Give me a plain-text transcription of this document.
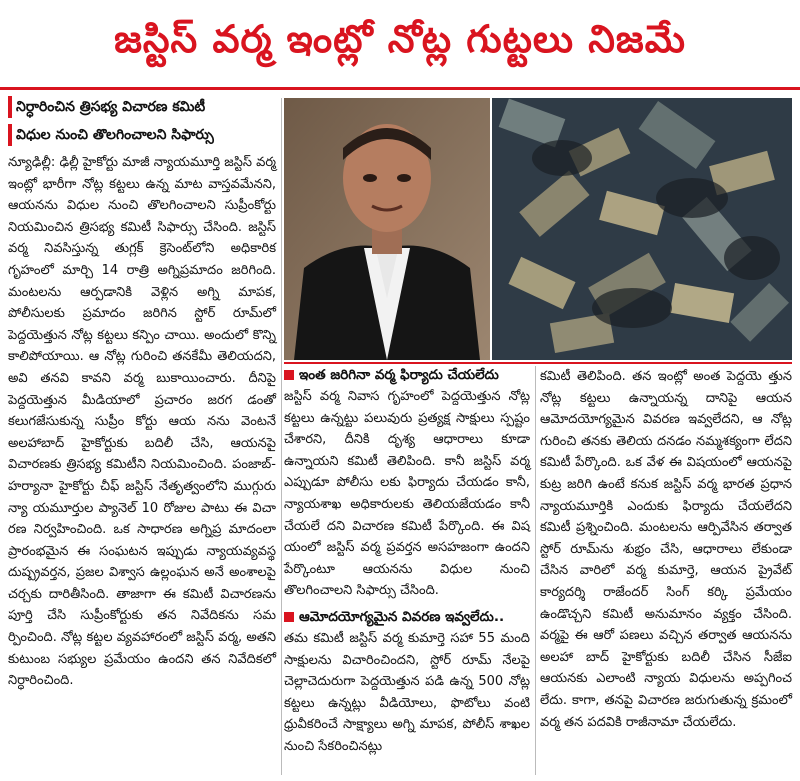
జస్టిస్ వర్మ ఇంట్లో నోట్ల గుట్టలు నిజమే

నిర్ధారించిన త్రిసభ్య విచారణ కమిటీ

విధుల నుంచి తొలగించాలని సిఫార్సు

న్యూఢిల్లీ: ఢిల్లీ హైకోర్టు మాజీ న్యాయమూర్తి జస్టిస్ వర్మ ఇంట్లో భారీగా నోట్ల కట్టలు ఉన్న మాట వాస్తవమేనని, ఆయనను విధుల నుంచి తొలగించాలని సుప్రీంకోర్టు నియమించిన త్రిసభ్య కమిటీ సిఫార్సు చేసింది. జస్టిస్ వర్మ నివసిస్తున్న తుగ్లక్ క్రెసెంట్‌లోని అధికారిక గృహంలో మార్చి 14 రాత్రి అగ్నిప్రమాదం జరిగింది. మంటలను ఆర్పడానికి వెళ్లిన అగ్ని మాపక, పోలీసులకు ప్రమాదం జరిగిన స్టోర్ రూమ్‌లో పెద్దయెత్తున నోట్ల కట్టలు కన్పిం చాయి. అందులో కొన్ని కాలిపోయాయి. ఆ నోట్ల గురించి తనకేమీ తెలియదని, అవి తనవి కావని వర్మ బుకాయించారు. దీనిపై పెద్దయెత్తున మీడియాలో ప్రచారం జరగ డంతో కలుగజేసుకున్న సుప్రీం కోర్టు ఆయ నను వెంటనే అలహాబాద్ హైకోర్టుకు బదిలీ చేసి, ఆయనపై విచారణకు త్రిసభ్య కమిటీని నియమించింది. పంజాబ్-హర్యానా హైకోర్టు చీఫ్ జస్టిస్ నేతృత్వంలోని ముగ్గురు న్యా యమూర్తుల ప్యానెల్ 10 రోజుల పాటు ఈ విచా రణ నిర్వహించింది. ఒక సాధారణ అగ్నిప్ర మాదంలా ప్రారంభమైన ఈ సంఘటన ఇప్పుడు న్యాయవ్యవస్థ దుష్ప్రవర్తన, ప్రజల విశ్వాస ఉల్లంఘన అనే అంశాలపై చర్చకు దారితీసింది. తాజాగా ఈ కమిటీ విచారణను పూర్తి చేసి సుప్రీంకోర్టుకు తన నివేదికను సమ ర్పించింది. నోట్ల కట్టల వ్యవహారంలో జస్టిస్ వర్మ, అతని కుటుంబ సభ్యుల ప్రమేయం ఉందని తన నివేదికలో నిర్ధారించింది.

ఇంత జరిగినా వర్మ ఫిర్యాదు చేయలేదు

జస్టిస్ వర్మ నివాస గృహంలో పెద్దయెత్తున నోట్ల కట్టలు ఉన్నట్టు పలువురు ప్రత్యక్ష సాక్షులు స్పష్టం చేశారని, దీనికి దృశ్య ఆధారాలు కూడా ఉన్నాయని కమిటీ తెలిపింది. కానీ జస్టిస్ వర్మ ఎప్పుడూ పోలీసు లకు ఫిర్యాదు చేయడం కానీ, న్యాయశాఖ అధికారులకు తెలియజేయడం కానీ చేయలే దని విచారణ కమిటీ పేర్కొంది. ఈ విష యంలో జస్టిస్ వర్మ ప్రవర్తన అసహజంగా ఉందని పేర్కొంటూ ఆయనను విధుల నుంచి తొలగించాలని సిఫార్సు చేసింది.

ఆమోదయోగ్యమైన వివరణ ఇవ్వలేదు..

తమ కమిటీ జస్టిస్ వర్మ కుమార్తె సహా 55 మంది సాక్షులను విచారించిందని, స్టోర్ రూమ్ నేలపై చెల్లాచెదురుగా పెద్దయెత్తున పడి ఉన్న 500 నోట్ల కట్టలు ఉన్నట్లు వీడియోలు, ఫొటోలు వంటి ధ్రువీకరించే సాక్ష్యాలు అగ్ని మాపక, పోలీస్ శాఖల నుంచి సేకరించినట్లు

కమిటీ తెలిపింది. తన ఇంట్లో అంత పెద్దయె త్తున నోట్ల కట్టలు ఉన్నాయన్న దానిపై ఆయన ఆమోదయోగ్యమైన వివరణ ఇవ్వలేదని, ఆ నోట్ల గురించి తనకు తెలియ దనడం నమ్మశక్యంగా లేదని కమిటీ పేర్కొంది. ఒక వేళ ఈ విషయంలో ఆయనపై కుట్ర జరిగి ఉంటే కనుక జస్టిస్ వర్మ భారత ప్రధాన న్యాయమూర్తికి ఎందుకు ఫిర్యాదు చేయలేదని కమిటీ ప్రశ్నించింది. మంటలను ఆర్పివేసిన తర్వాత స్టోర్ రూమ్‌ను శుభ్రం చేసి, ఆధారాలు లేకుండా చేసిన వారిలో వర్మ కుమార్తె, ఆయన ప్రైవేట్ కార్యదర్శి రాజేందర్ సింగ్ కర్కి ప్రమేయం ఉండొచ్చని కమిటీ అనుమానం వ్యక్తం చేసింది. వర్మపై ఈ ఆరో పణలు వచ్చిన తర్వాత ఆయనను అలహా బాద్ హైకోర్టుకు బదిలీ చేసిన సీజేఐ ఆయనకు ఎలాంటి న్యాయ విధులను అప్పగించ లేదు. కాగా, తనపై విచారణ జరుగుతున్న క్రమంలో వర్మ తన పదవికి రాజీనామా చేయలేదు.
